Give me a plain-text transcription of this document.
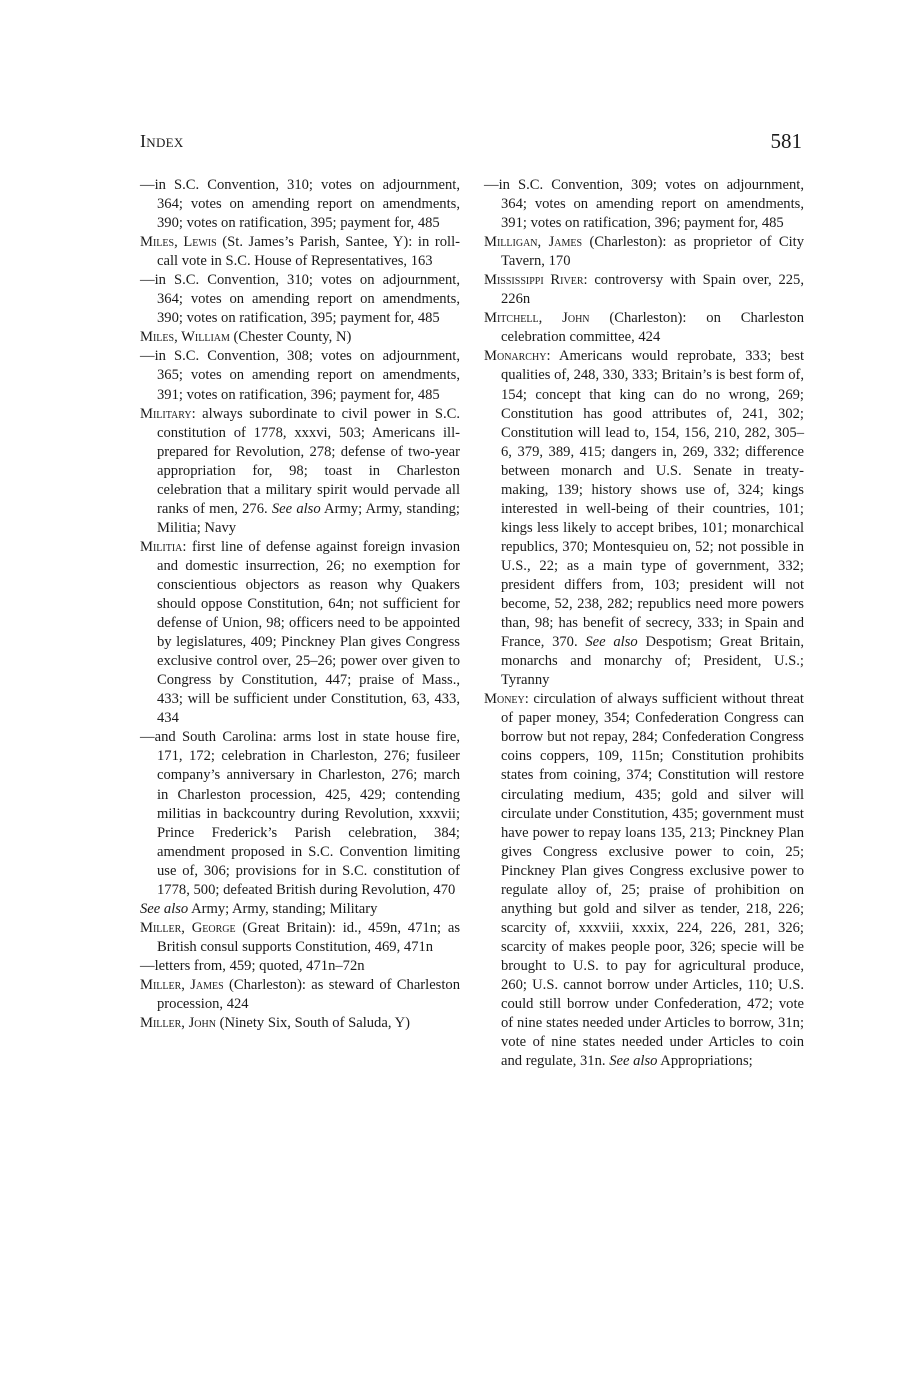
Index	581

—in S.C. Convention, 310; votes on adjournment, 364; votes on amending report on amendments, 390; votes on ratification, 395; payment for, 485

Miles, Lewis (St. James’s Parish, Santee, Y): in roll-call vote in S.C. House of Representatives, 163

—in S.C. Convention, 310; votes on adjournment, 364; votes on amending report on amendments, 390; votes on ratification, 395; payment for, 485

Miles, William (Chester County, N)

—in S.C. Convention, 308; votes on adjournment, 365; votes on amending report on amendments, 391; votes on ratification, 396; payment for, 485

Military: always subordinate to civil power in S.C. constitution of 1778, xxxvi, 503; Americans ill-prepared for Revolution, 278; defense of two-year appropriation for, 98; toast in Charleston celebration that a military spirit would pervade all ranks of men, 276. See also Army; Army, standing; Militia; Navy

Militia: first line of defense against foreign invasion and domestic insurrection, 26; no exemption for conscientious objectors as reason why Quakers should oppose Constitution, 64n; not sufficient for defense of Union, 98; officers need to be appointed by legislatures, 409; Pinckney Plan gives Congress exclusive control over, 25–26; power over given to Congress by Constitution, 447; praise of Mass., 433; will be sufficient under Constitution, 63, 433, 434

—and South Carolina: arms lost in state house fire, 171, 172; celebration in Charleston, 276; fusileer company’s anniversary in Charleston, 276; march in Charleston procession, 425, 429; contending militias in backcountry during Revolution, xxxvii; Prince Frederick’s Parish celebration, 384; amendment proposed in S.C. Convention limiting use of, 306; provisions for in S.C. constitution of 1778, 500; defeated British during Revolution, 470

See also Army; Army, standing; Military

Miller, George (Great Britain): id., 459n, 471n; as British consul supports Constitution, 469, 471n

—letters from, 459; quoted, 471n–72n

Miller, James (Charleston): as steward of Charleston procession, 424

Miller, John (Ninety Six, South of Saluda, Y)

—in S.C. Convention, 309; votes on adjournment, 364; votes on amending report on amendments, 391; votes on ratification, 396; payment for, 485

Milligan, James (Charleston): as proprietor of City Tavern, 170

Mississippi River: controversy with Spain over, 225, 226n

Mitchell, John (Charleston): on Charleston celebration committee, 424

Monarchy: Americans would reprobate, 333; best qualities of, 248, 330, 333; Britain’s is best form of, 154; concept that king can do no wrong, 269; Constitution has good attributes of, 241, 302; Constitution will lead to, 154, 156, 210, 282, 305–6, 379, 389, 415; dangers in, 269, 332; difference between monarch and U.S. Senate in treaty-making, 139; history shows use of, 324; kings interested in well-being of their countries, 101; kings less likely to accept bribes, 101; monarchical republics, 370; Montesquieu on, 52; not possible in U.S., 22; as a main type of government, 332; president differs from, 103; president will not become, 52, 238, 282; republics need more powers than, 98; has benefit of secrecy, 333; in Spain and France, 370. See also Despotism; Great Britain, monarchs and monarchy of; President, U.S.; Tyranny

Money: circulation of always sufficient without threat of paper money, 354; Confederation Congress can borrow but not repay, 284; Confederation Congress coins coppers, 109, 115n; Constitution prohibits states from coining, 374; Constitution will restore circulating medium, 435; gold and silver will circulate under Constitution, 435; government must have power to repay loans 135, 213; Pinckney Plan gives Congress exclusive power to coin, 25; Pinckney Plan gives Congress exclusive power to regulate alloy of, 25; praise of prohibition on anything but gold and silver as tender, 218, 226; scarcity of, xxxviii, xxxix, 224, 226, 281, 326; scarcity of makes people poor, 326; specie will be brought to U.S. to pay for agricultural produce, 260; U.S. cannot borrow under Articles, 110; U.S. could still borrow under Confederation, 472; vote of nine states needed under Articles to borrow, 31n; vote of nine states needed under Articles to coin and regulate, 31n. See also Appropriations;
